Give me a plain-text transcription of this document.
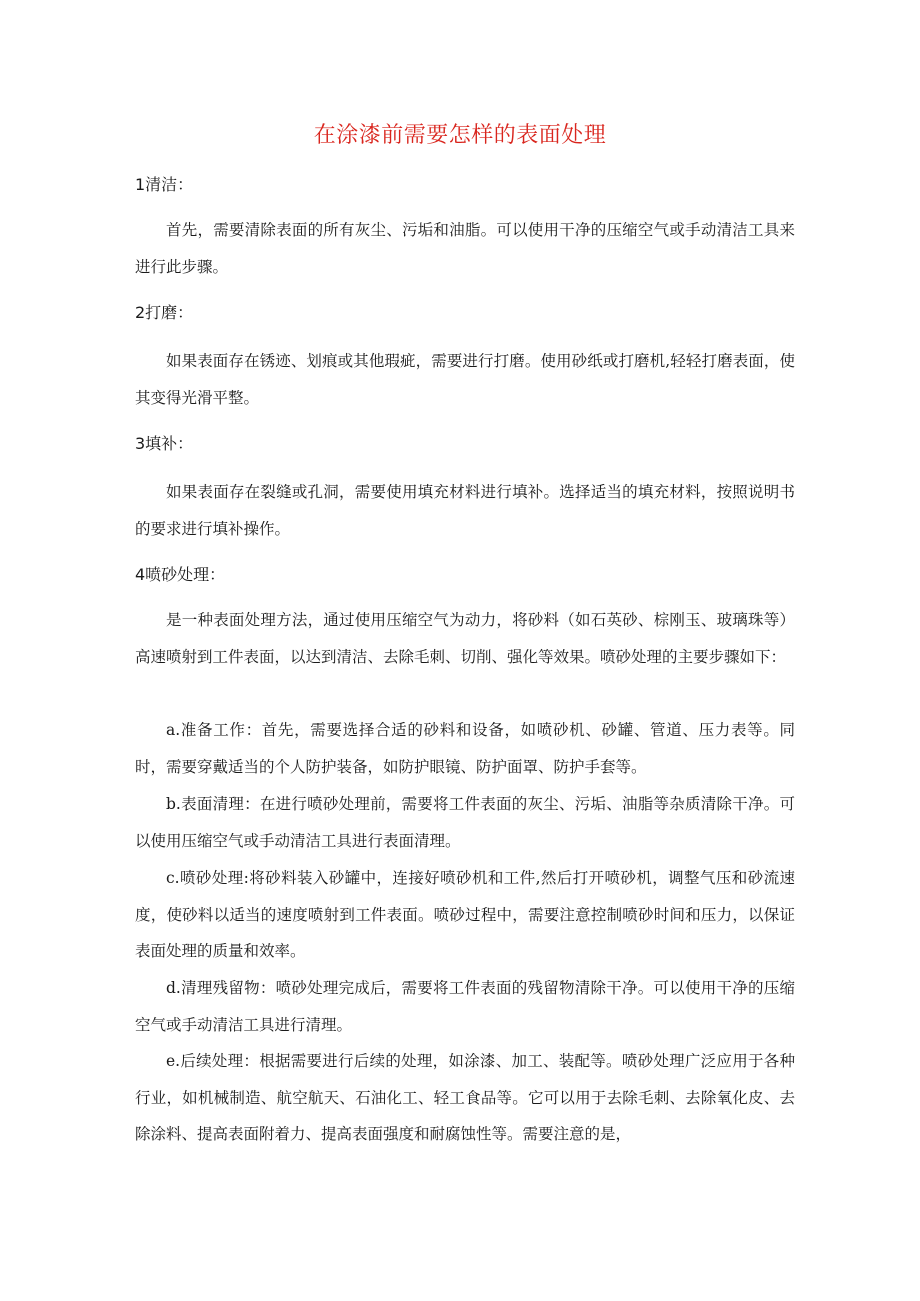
在涂漆前需要怎样的表面处理
1清洁：
首先，需要清除表面的所有灰尘、污垢和油脂。可以使用干净的压缩空气或手动清洁工具来进行此步骤。
2打磨：
如果表面存在锈迹、划痕或其他瑕疵，需要进行打磨。使用砂纸或打磨机,轻轻打磨表面，使其变得光滑平整。
3填补：
如果表面存在裂缝或孔洞，需要使用填充材料进行填补。选择适当的填充材料，按照说明书的要求进行填补操作。
4喷砂处理：
是一种表面处理方法，通过使用压缩空气为动力，将砂料（如石英砂、棕刚玉、玻璃珠等）高速喷射到工件表面，以达到清洁、去除毛刺、切削、强化等效果。喷砂处理的主要步骤如下：
a.准备工作：首先，需要选择合适的砂料和设备，如喷砂机、砂罐、管道、压力表等。同时，需要穿戴适当的个人防护装备，如防护眼镜、防护面罩、防护手套等。
b.表面清理：在进行喷砂处理前，需要将工件表面的灰尘、污垢、油脂等杂质清除干净。可以使用压缩空气或手动清洁工具进行表面清理。
c.喷砂处理:将砂料装入砂罐中，连接好喷砂机和工件,然后打开喷砂机，调整气压和砂流速度，使砂料以适当的速度喷射到工件表面。喷砂过程中，需要注意控制喷砂时间和压力，以保证表面处理的质量和效率。
d.清理残留物：喷砂处理完成后，需要将工件表面的残留物清除干净。可以使用干净的压缩空气或手动清洁工具进行清理。
e.后续处理：根据需要进行后续的处理，如涂漆、加工、装配等。喷砂处理广泛应用于各种行业，如机械制造、航空航天、石油化工、轻工食品等。它可以用于去除毛刺、去除氧化皮、去除涂料、提高表面附着力、提高表面强度和耐腐蚀性等。需要注意的是，
